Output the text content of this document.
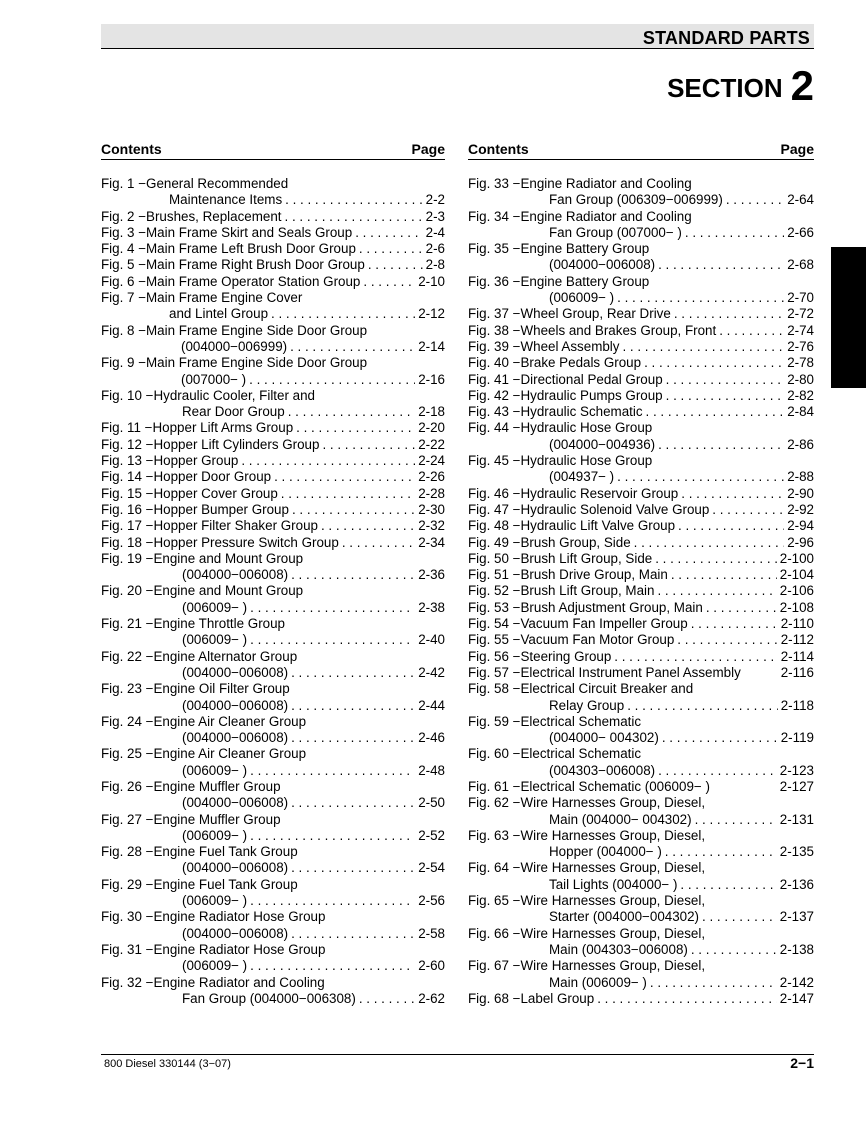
STANDARD PARTS
SECTION 2
Contents	Page
Fig. 1 − General Recommended
Maintenance Items . . .	2-2
Fig. 2 − Brushes, Replacement . . .	2-3
Fig. 3 − Main Frame Skirt and Seals Group . . .	2-4
Fig. 4 − Main Frame Left Brush Door Group . . .	2-6
Fig. 5 − Main Frame Right Brush Door Group . . .	2-8
Fig. 6 − Main Frame Operator Station Group . . .	2-10
Fig. 7 − Main Frame Engine Cover
and Lintel Group . . .	2-12
Fig. 8 − Main Frame Engine Side Door Group
(004000−006999) . . .	2-14
Fig. 9 − Main Frame Engine Side Door Group
(007000− ) . . .	2-16
Fig. 10 − Hydraulic Cooler, Filter and
Rear Door Group . . .	2-18
Fig. 11 − Hopper Lift Arms Group . . .	2-20
Fig. 12 − Hopper Lift Cylinders Group . . .	2-22
Fig. 13 − Hopper Group . . .	2-24
Fig. 14 − Hopper Door Group . . .	2-26
Fig. 15 − Hopper Cover Group . . .	2-28
Fig. 16 − Hopper Bumper Group . . .	2-30
Fig. 17 − Hopper Filter Shaker Group . . .	2-32
Fig. 18 − Hopper Pressure Switch Group . . .	2-34
Fig. 19 − Engine and Mount Group
(004000−006008) . . .	2-36
Fig. 20 − Engine and Mount Group
(006009− ) . . .	2-38
Fig. 21 − Engine Throttle Group
(006009− ) . . .	2-40
Fig. 22 − Engine Alternator Group
(004000−006008) . . .	2-42
Fig. 23 − Engine Oil Filter Group
(004000−006008) . . .	2-44
Fig. 24 − Engine Air Cleaner Group
(004000−006008) . . .	2-46
Fig. 25 − Engine Air Cleaner Group
(006009− ) . . .	2-48
Fig. 26 − Engine Muffler Group
(004000−006008) . . .	2-50
Fig. 27 − Engine Muffler Group
(006009− ) . . .	2-52
Fig. 28 − Engine Fuel Tank Group
(004000−006008) . . .	2-54
Fig. 29 − Engine Fuel Tank Group
(006009− ) . . .	2-56
Fig. 30 − Engine Radiator Hose Group
(004000−006008) . . .	2-58
Fig. 31 − Engine Radiator Hose Group
(006009− ) . . .	2-60
Fig. 32 − Engine Radiator and Cooling
Fan Group (004000−006308) . . .	2-62
Contents	Page
Fig. 33 − Engine Radiator and Cooling
Fan Group (006309−006999) . . .	2-64
Fig. 34 − Engine Radiator and Cooling
Fan Group (007000− ) . . .	2-66
Fig. 35 − Engine Battery Group
(004000−006008) . . .	2-68
Fig. 36 − Engine Battery Group
(006009− ) . . .	2-70
Fig. 37 − Wheel Group, Rear Drive . . .	2-72
Fig. 38 − Wheels and Brakes Group, Front . . .	2-74
Fig. 39 − Wheel Assembly . . .	2-76
Fig. 40 − Brake Pedals Group . . .	2-78
Fig. 41 − Directional Pedal Group . . .	2-80
Fig. 42 − Hydraulic Pumps Group . . .	2-82
Fig. 43 − Hydraulic Schematic . . .	2-84
Fig. 44 − Hydraulic Hose Group
(004000−004936) . . .	2-86
Fig. 45 − Hydraulic Hose Group
(004937− ) . . .	2-88
Fig. 46 − Hydraulic Reservoir Group . . .	2-90
Fig. 47 − Hydraulic Solenoid Valve Group . . .	2-92
Fig. 48 − Hydraulic Lift Valve Group . . .	2-94
Fig. 49 − Brush Group, Side . . .	2-96
Fig. 50 − Brush Lift Group, Side . . .	2-100
Fig. 51 − Brush Drive Group, Main . . .	2-104
Fig. 52 − Brush Lift Group, Main . . .	2-106
Fig. 53 − Brush Adjustment Group, Main . . .	2-108
Fig. 54 − Vacuum Fan Impeller Group . . .	2-110
Fig. 55 − Vacuum Fan Motor Group . . .	2-112
Fig. 56 − Steering Group . . .	2-114
Fig. 57 − Electrical Instrument Panel Assembly	2-116
Fig. 58 − Electrical Circuit Breaker and
Relay Group . . .	2-118
Fig. 59 − Electrical Schematic
(004000− 004302) . . .	2-119
Fig. 60 − Electrical Schematic
(004303−006008) . . .	2-123
Fig. 61 − Electrical Schematic (006009− )	2-127
Fig. 62 − Wire Harnesses Group, Diesel,
Main (004000− 004302) . . .	2-131
Fig. 63 − Wire Harnesses Group, Diesel,
Hopper (004000− ) . . .	2-135
Fig. 64 − Wire Harnesses Group, Diesel,
Tail Lights (004000− ) . . .	2-136
Fig. 65 − Wire Harnesses Group, Diesel,
Starter (004000−004302) . . .	2-137
Fig. 66 − Wire Harnesses Group, Diesel,
Main (004303−006008) . . .	2-138
Fig. 67 − Wire Harnesses Group, Diesel,
Main (006009− ) . . .	2-142
Fig. 68 − Label Group . . .	2-147
800 Diesel 330144 (3−07)	2−1
